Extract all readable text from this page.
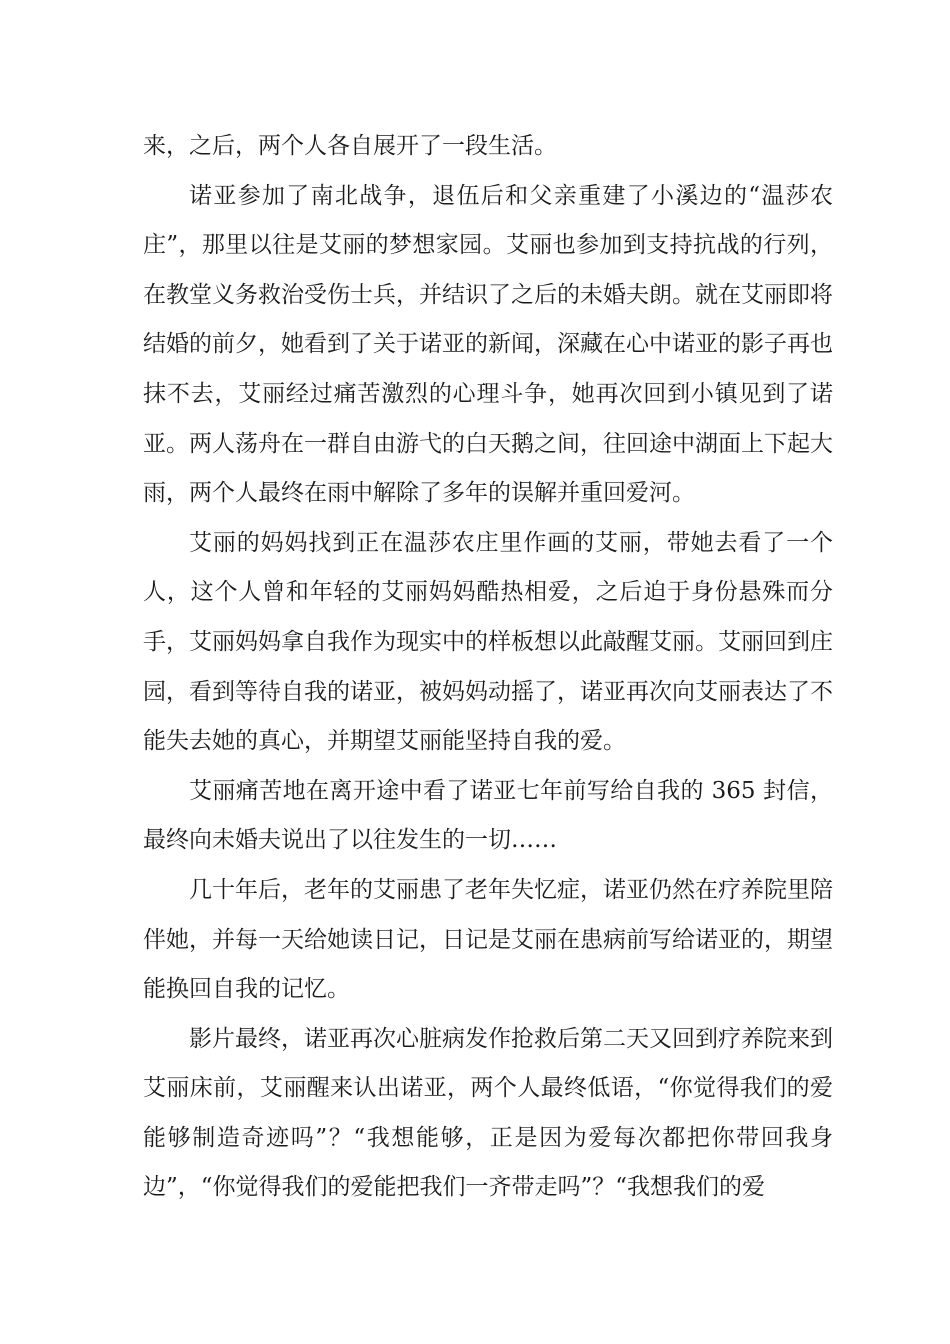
来，之后，两个人各自展开了一段生活。

诺亚参加了南北战争，退伍后和父亲重建了小溪边的“温莎农庄”，那里以往是艾丽的梦想家园。艾丽也参加到支持抗战的行列，在教堂义务救治受伤士兵，并结识了之后的未婚夫朗。就在艾丽即将结婚的前夕，她看到了关于诺亚的新闻，深藏在心中诺亚的影子再也抹不去，艾丽经过痛苦激烈的心理斗争，她再次回到小镇见到了诺亚。两人荡舟在一群自由游弋的白天鹅之间，往回途中湖面上下起大雨，两个人最终在雨中解除了多年的误解并重回爱河。

艾丽的妈妈找到正在温莎农庄里作画的艾丽，带她去看了一个人，这个人曾和年轻的艾丽妈妈酷热相爱，之后迫于身份悬殊而分手，艾丽妈妈拿自我作为现实中的样板想以此敲醒艾丽。艾丽回到庄园，看到等待自我的诺亚，被妈妈动摇了，诺亚再次向艾丽表达了不能失去她的真心，并期望艾丽能坚持自我的爱。

艾丽痛苦地在离开途中看了诺亚七年前写给自我的 365 封信，最终向未婚夫说出了以往发生的一切……

几十年后，老年的艾丽患了老年失忆症，诺亚仍然在疗养院里陪伴她，并每一天给她读日记，日记是艾丽在患病前写给诺亚的，期望能换回自我的记忆。

影片最终，诺亚再次心脏病发作抢救后第二天又回到疗养院来到艾丽床前，艾丽醒来认出诺亚，两个人最终低语，“你觉得我们的爱能够制造奇迹吗”？“我想能够，正是因为爱每次都把你带回我身边”，“你觉得我们的爱能把我们一齐带走吗”？“我想我们的爱
